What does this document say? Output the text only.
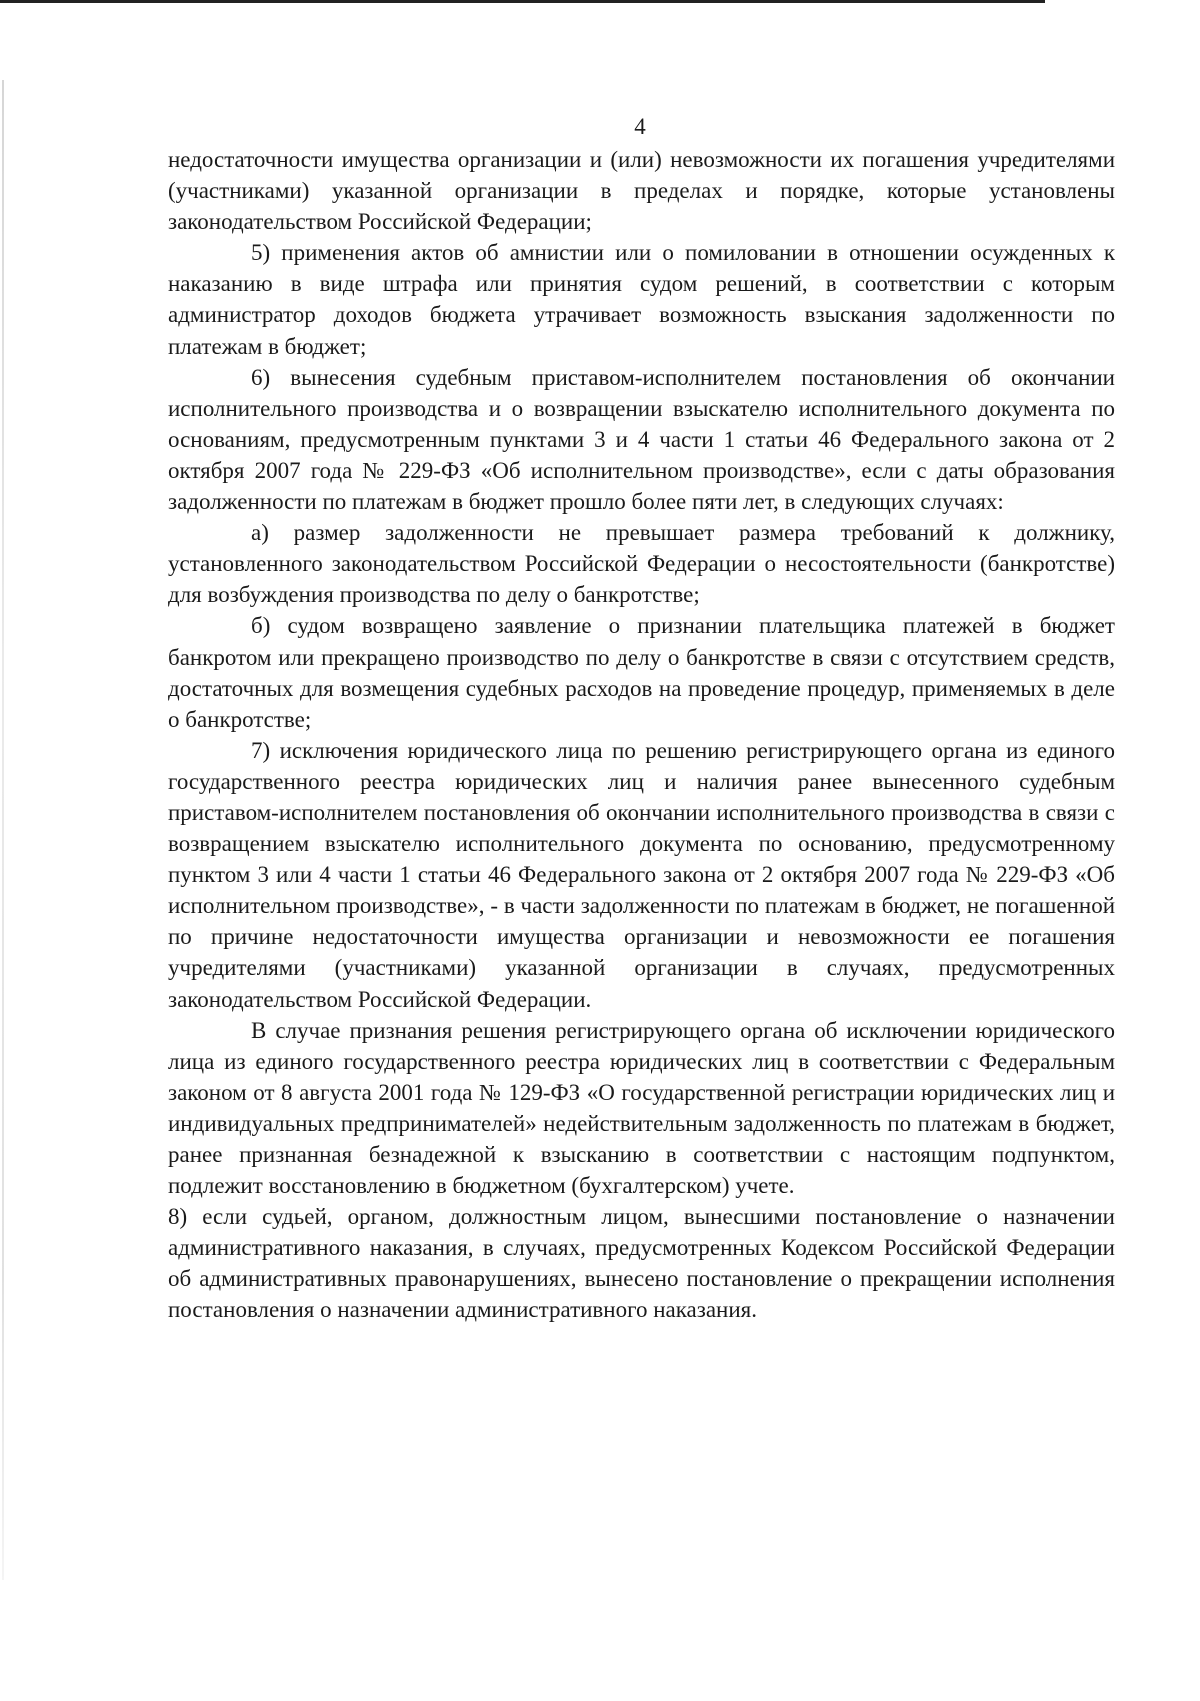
4

недостаточности имущества организации и (или) невозможности их погашения учредителями (участниками) указанной организации в пределах и порядке, которые установлены законодательством Российской Федерации;

5) применения актов об амнистии или о помиловании в отношении осужденных к наказанию в виде штрафа или принятия судом решений, в соответствии с которым администратор доходов бюджета утрачивает возможность взыскания задолженности по платежам в бюджет;

6) вынесения судебным приставом-исполнителем постановления об окончании исполнительного производства и о возвращении взыскателю исполнительного документа по основаниям, предусмотренным пунктами 3 и 4 части 1 статьи 46 Федерального закона от 2 октября 2007 года № 229-ФЗ «Об исполнительном производстве», если с даты образования задолженности по платежам в бюджет прошло более пяти лет, в следующих случаях:

а) размер задолженности не превышает размера требований к должнику, установленного законодательством Российской Федерации о несостоятельности (банкротстве) для возбуждения производства по делу о банкротстве;

б) судом возвращено заявление о признании плательщика платежей в бюджет банкротом или прекращено производство по делу о банкротстве в связи с отсутствием средств, достаточных для возмещения судебных расходов на проведение процедур, применяемых в деле о банкротстве;

7) исключения юридического лица по решению регистрирующего органа из единого государственного реестра юридических лиц и наличия ранее вынесенного судебным приставом-исполнителем постановления об окончании исполнительного производства в связи с возвращением взыскателю исполнительного документа по основанию, предусмотренному пунктом 3 или 4 части 1 статьи 46 Федерального закона от 2 октября 2007 года № 229-ФЗ «Об исполнительном производстве», - в части задолженности по платежам в бюджет, не погашенной по причине недостаточности имущества организации и невозможности ее погашения учредителями (участниками) указанной организации в случаях, предусмотренных законодательством Российской Федерации.

В случае признания решения регистрирующего органа об исключении юридического лица из единого государственного реестра юридических лиц в соответствии с Федеральным законом от 8 августа 2001 года № 129-ФЗ «О государственной регистрации юридических лиц и индивидуальных предпринимателей» недействительным задолженность по платежам в бюджет, ранее признанная безнадежной к взысканию в соответствии с настоящим подпунктом, подлежит восстановлению в бюджетном (бухгалтерском) учете.

8) если судьей, органом, должностным лицом, вынесшими постановление о назначении административного наказания, в случаях, предусмотренных Кодексом Российской Федерации об административных правонарушениях, вынесено постановление о прекращении исполнения постановления о назначении административного наказания.
